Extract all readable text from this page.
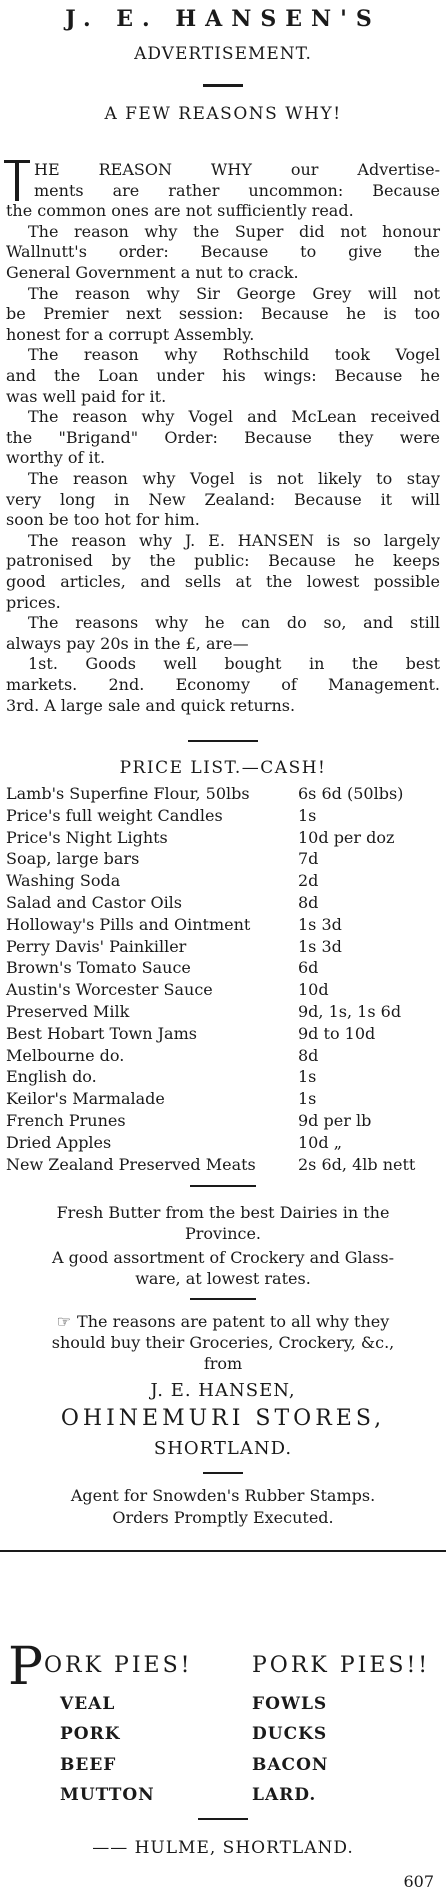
J. E. HANSEN'S
ADVERTISEMENT.
A FEW REASONS WHY!
HE REASON WHY our Advertise-
ments are rather uncommon: Because
the common ones are not sufficiently read.
The reason why the Super did not honour
Wallnutt's order: Because to give the
General Government a nut to crack.
The reason why Sir George Grey will not
be Premier next session: Because he is too
honest for a corrupt Assembly.
The reason why Rothschild took Vogel
and the Loan under his wings: Because he
was well paid for it.
The reason why Vogel and McLean received
the "Brigand" Order: Because they were
worthy of it.
The reason why Vogel is not likely to stay
very long in New Zealand: Because it will
soon be too hot for him.
The reason why J. E. HANSEN is so largely
patronised by the public: Because he keeps
good articles, and sells at the lowest possible
prices.
The reasons why he can do so, and still
always pay 20s in the £, are—
1st. Goods well bought in the best
markets. 2nd. Economy of Management.
3rd. A large sale and quick returns.
PRICE LIST.—CASH!
Lamb's Superfine Flour, 50lbs	6s 6d (50lbs)
Price's full weight Candles	1s
Price's Night Lights	10d per doz
Soap, large bars	7d
Washing Soda	2d
Salad and Castor Oils	8d
Holloway's Pills and Ointment	1s 3d
Perry Davis' Painkiller	1s 3d
Brown's Tomato Sauce	6d
Austin's Worcester Sauce	10d
Preserved Milk	9d, 1s, 1s 6d
Best Hobart Town Jams	9d to 10d
Melbourne do.	8d
English do.	1s
Keilor's Marmalade	1s
French Prunes	9d per lb
Dried Apples	10d „
New Zealand Preserved Meats	2s 6d, 4lb nett
Fresh Butter from the best Dairies in the
Province.
A good assortment of Crockery and Glass-
ware, at lowest rates.
☞ The reasons are patent to all why they
should buy their Groceries, Crockery, &c.,
from
J. E. HANSEN,
OHINEMURI STORES,
SHORTLAND.
Agent for Snowden's Rubber Stamps.
Orders Promptly Executed.
P ORK PIES!	PORK PIES!!
VEAL
PORK
BEEF
MUTTON
FOWLS
DUCKS
BACON
LARD.
—— HULME, SHORTLAND.
607
